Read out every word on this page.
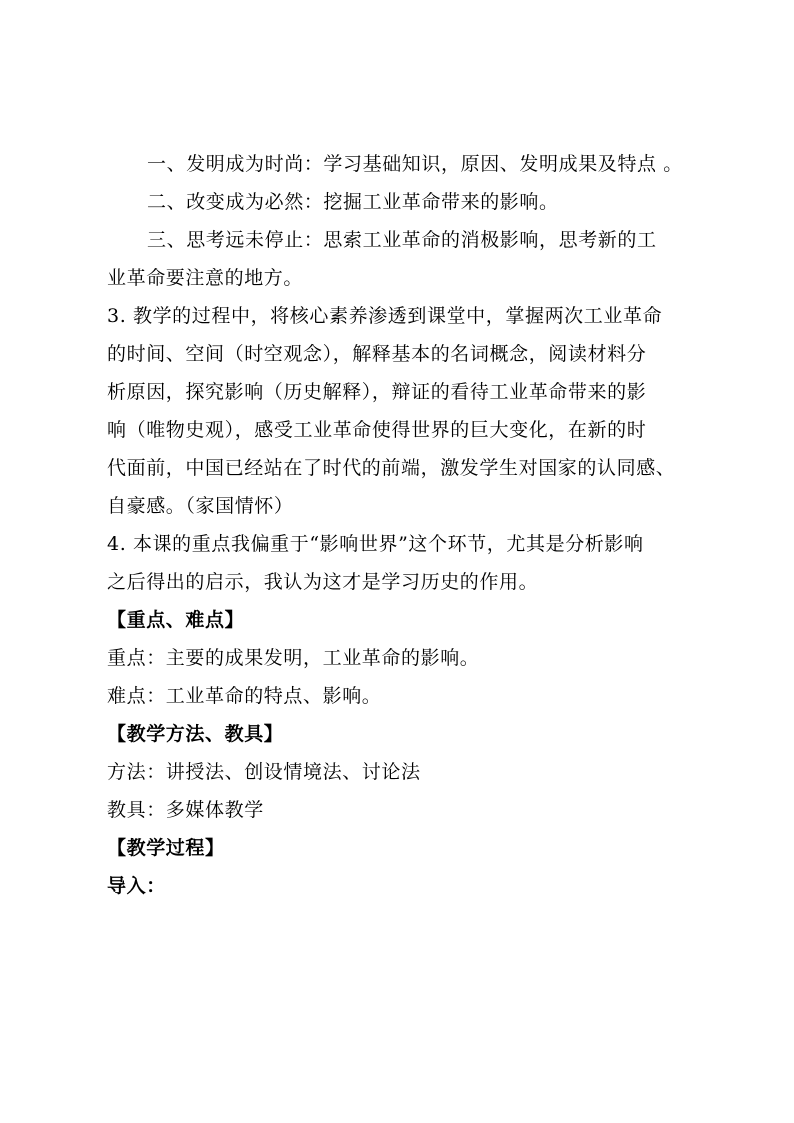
一、发明成为时尚：学习基础知识，原因、发明成果及特点 。
二、改变成为必然：挖掘工业革命带来的影响。
三、思考远未停止：思索工业革命的消极影响，思考新的工
业革命要注意的地方。
3. 教学的过程中，将核心素养渗透到课堂中，掌握两次工业革命
的时间、空间（时空观念），解释基本的名词概念，阅读材料分
析原因，探究影响（历史解释），辩证的看待工业革命带来的影
响（唯物史观），感受工业革命使得世界的巨大变化，在新的时
代面前，中国已经站在了时代的前端，激发学生对国家的认同感、
自豪感。（家国情怀）
4. 本课的重点我偏重于“影响世界”这个环节，尤其是分析影响
之后得出的启示，我认为这才是学习历史的作用。
【重点、难点】
重点：主要的成果发明，工业革命的影响。
难点：工业革命的特点、影响。
【教学方法、教具】
方法：讲授法、创设情境法、讨论法
教具：多媒体教学
【教学过程】
导入：
